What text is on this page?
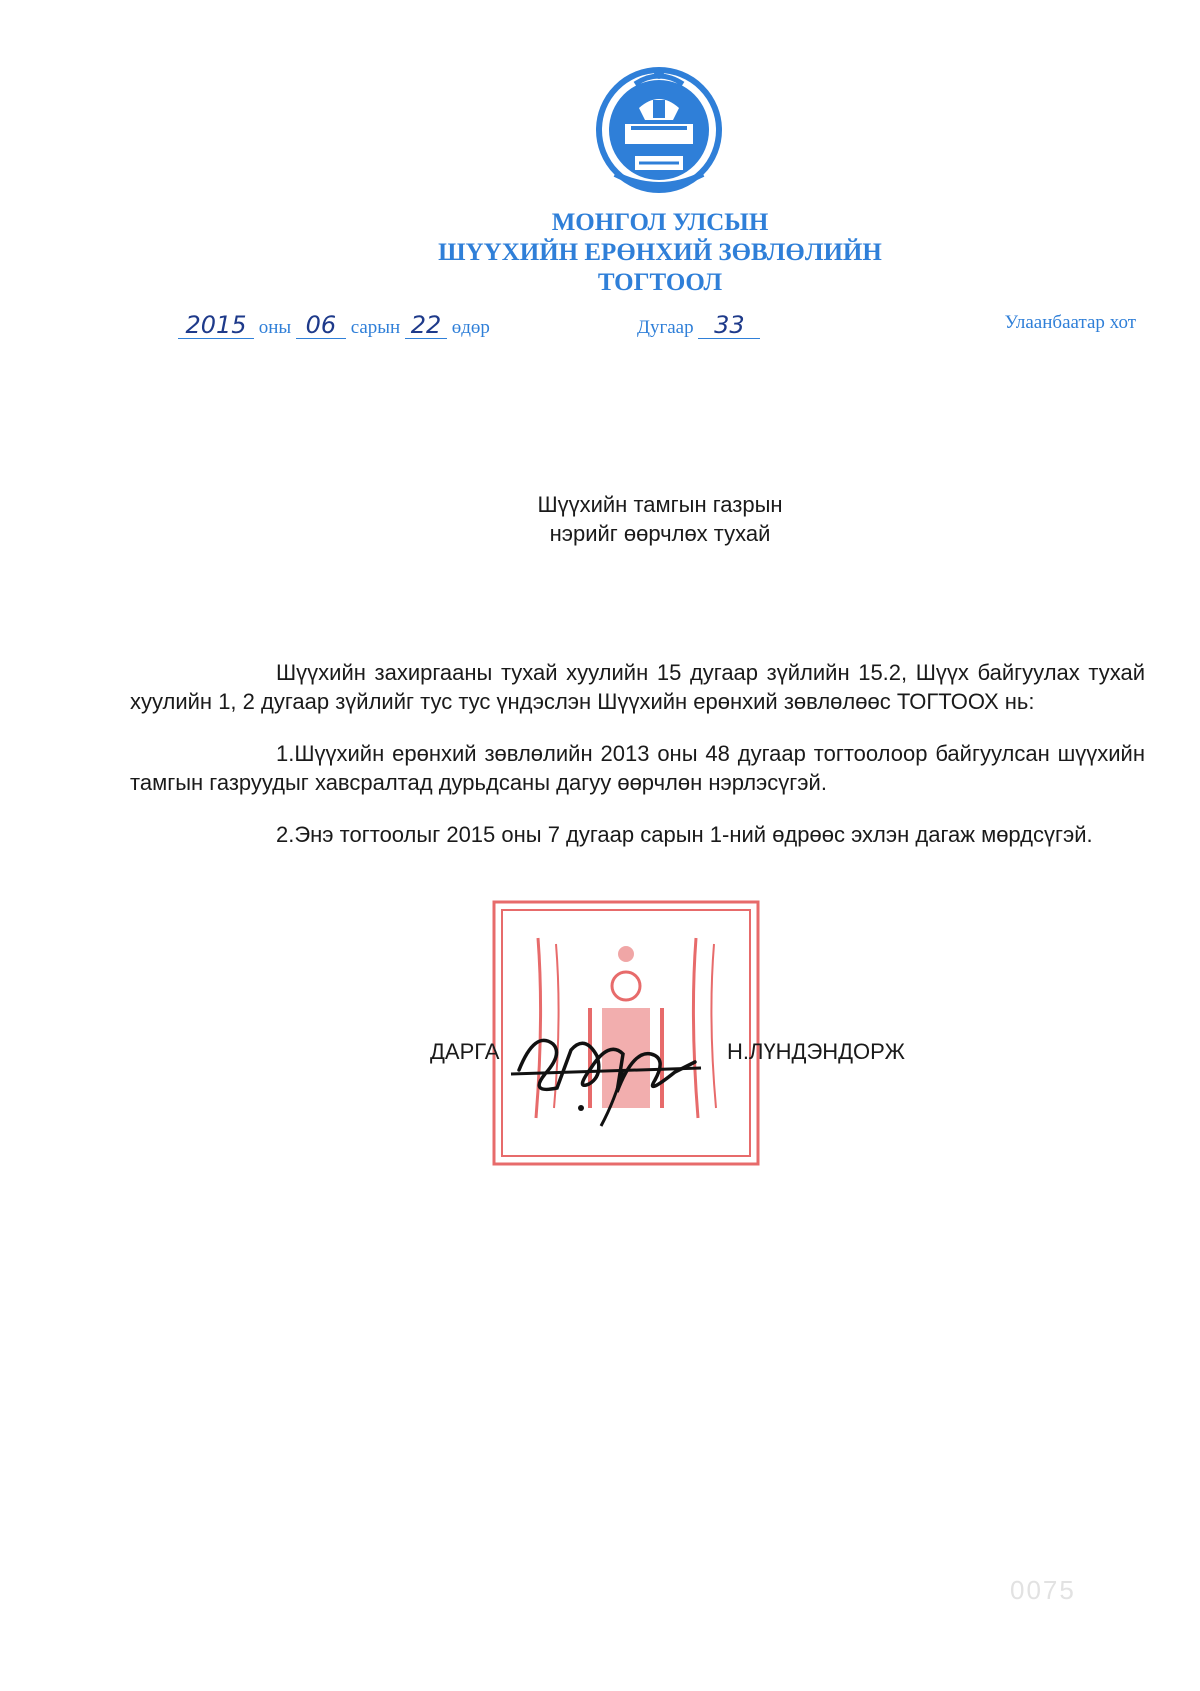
МОНГОЛ УЛСЫН
ШҮҮХИЙН ЕРӨНХИЙ ЗӨВЛӨЛИЙН
ТОГТООЛ
2015 оны 06 сарын 22 өдөр	Дугаар 33	Улаанбаатар хот
Шүүхийн тамгын газрын
нэрийг өөрчлөх тухай

Шүүхийн захиргааны тухай хуулийн 15 дугаар зүйлийн 15.2, Шүүх байгуулах тухай хуулийн 1, 2 дугаар зүйлийг тус тус үндэслэн Шүүхийн ерөнхий зөвлөлөөс ТОГТООХ нь:

1.Шүүхийн ерөнхий зөвлөлийн 2013 оны 48 дугаар тогтоолоор байгуулсан шүүхийн тамгын газруудыг хавсралтад дурьдсаны дагуу өөрчлөн нэрлэсүгэй.

2.Энэ тогтоолыг 2015 оны 7 дугаар сарын 1-ний өдрөөс эхлэн дагаж мөрдсүгэй.

ДАРГА	Н.ЛҮНДЭНДОРЖ
0075
